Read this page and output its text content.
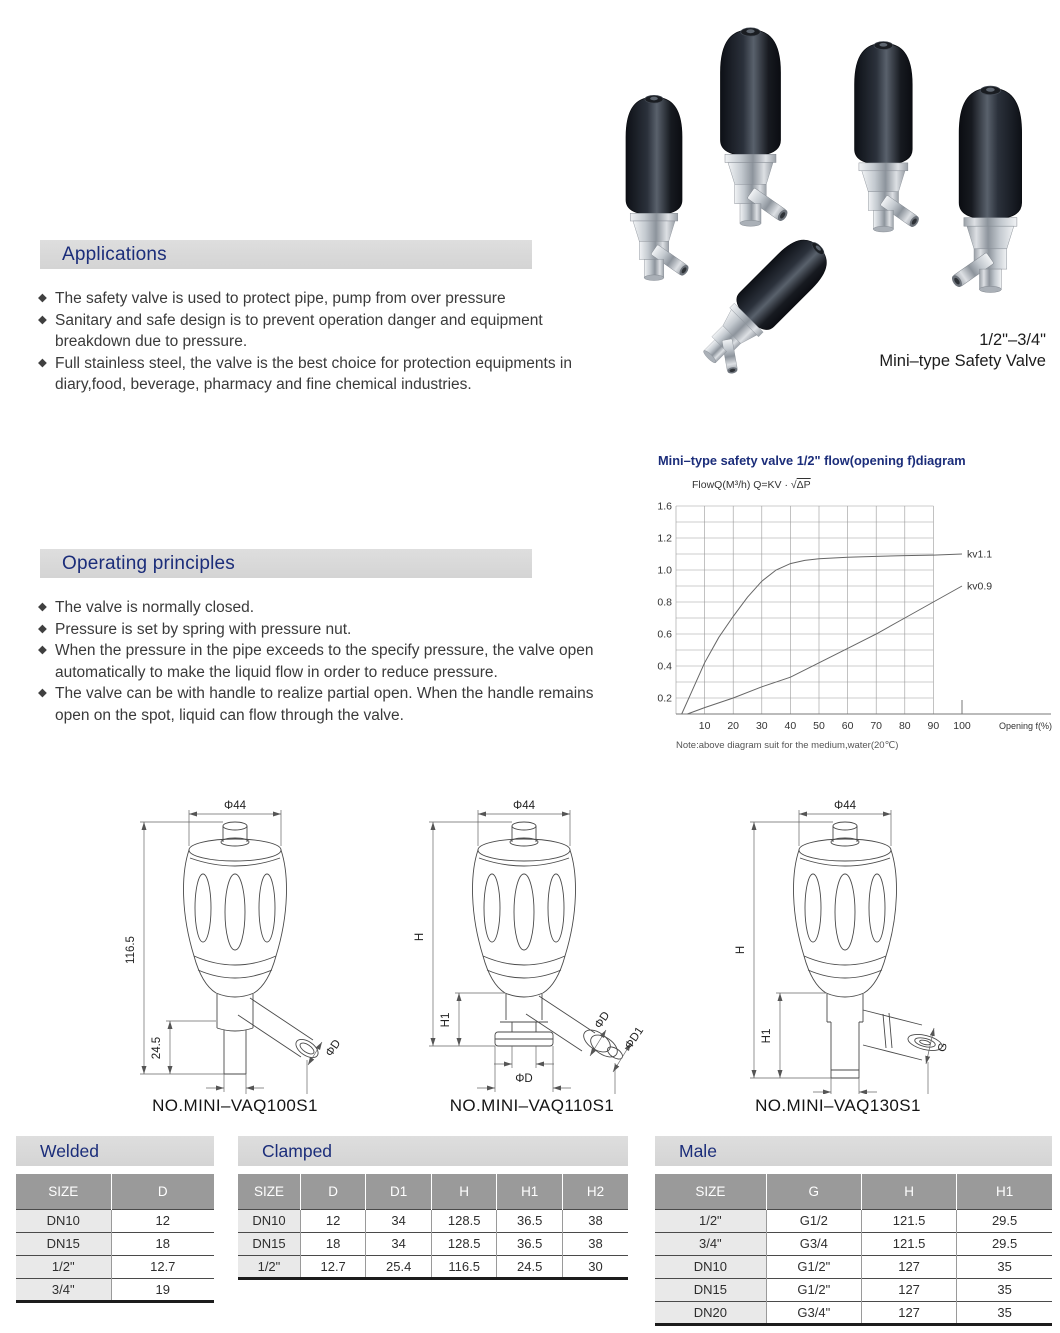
1/2"–3/4"
Mini–type Safety Valve
Applications
◆ The safety valve is used to protect pipe, pump from over pressure
◆ Sanitary and safe design is to prevent operation danger and equipment breakdown due to pressure.
◆ Full stainless steel, the valve is the best choice for protection equipments in diary,food, beverage, pharmacy and fine chemical industries.
Operating principles
◆ The valve is normally closed.
◆ Pressure is set by spring with pressure nut.
◆ When the pressure in the pipe exceeds to the specify pressure, the valve open automatically to make the liquid flow in order to reduce pressure.
◆ The valve can be with handle to realize partial open. When the handle remains open on the spot, liquid can flow through the valve.
Mini–type safety valve 1/2" flow(opening f)diagram
FlowQ(M³/h) Q=KV · √ΔP
0.2
0.4
0.6
0.8
1.0
1.2
1.6
10 20 30 40 50 60 70 80 90 100	Opening f(%)
kv1.1
kv0.9
Note:above diagram suit for the medium,water(20℃)
Φ44
116.5
24.5	ΦD
NO.MINI–VAQ100S1
Φ44
H
H1
ΦD
ΦD
ΦD1
NO.MINI–VAQ110S1
Φ44
H
H1
G
NO.MINI–VAQ130S1
Welded
SIZE	D
DN10	12
DN15	18
1/2"	12.7
3/4"	19
Clamped
SIZE	D	D1	H	H1	H2
DN10	12	34	128.5	36.5	38
DN15	18	34	128.5	36.5	38
1/2"	12.7	25.4	116.5	24.5	30
Male
SIZE	G	H	H1
1/2"	G1/2	121.5	29.5
3/4"	G3/4	121.5	29.5
DN10	G1/2"	127	35
DN15	G1/2"	127	35
DN20	G3/4"	127	35
